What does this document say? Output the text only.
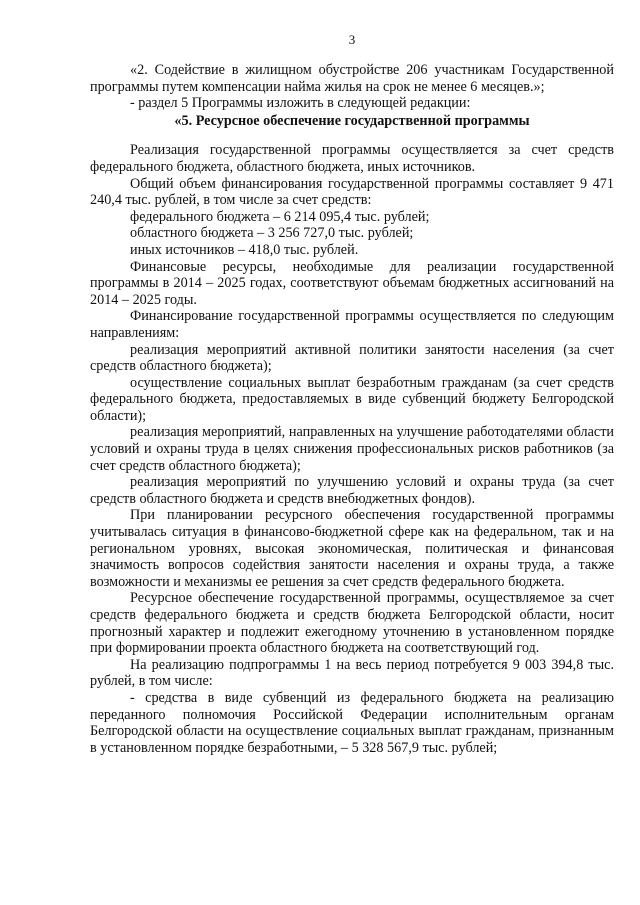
3

«2. Содействие в жилищном обустройстве 206 участникам Государственной программы путем компенсации найма жилья на срок не менее 6 месяцев.»;

- раздел 5 Программы изложить в следующей редакции:

«5. Ресурсное обеспечение государственной программы

Реализация государственной программы осуществляется за счет средств федерального бюджета, областного бюджета, иных источников.

Общий объем финансирования государственной программы составляет 9 471 240,4 тыс. рублей, в том числе за счет средств:

федерального бюджета – 6 214 095,4 тыс. рублей;

областного бюджета – 3 256 727,0 тыс. рублей;

иных источников – 418,0 тыс. рублей.

Финансовые ресурсы, необходимые для реализации государственной программы в 2014 – 2025 годах, соответствуют объемам бюджетных ассигнований на 2014 – 2025 годы.

Финансирование государственной программы осуществляется по следующим направлениям:

реализация мероприятий активной политики занятости населения (за счет средств областного бюджета);

осуществление социальных выплат безработным гражданам (за счет средств федерального бюджета, предоставляемых в виде субвенций бюджету Белгородской области);

реализация мероприятий, направленных на улучшение работодателями области условий и охраны труда в целях снижения профессиональных рисков работников (за счет средств областного бюджета);

реализация мероприятий по улучшению условий и охраны труда (за счет средств областного бюджета и средств внебюджетных фондов).

При планировании ресурсного обеспечения государственной программы учитывалась ситуация в финансово-бюджетной сфере как на федеральном, так и на региональном уровнях, высокая экономическая, политическая и финансовая значимость вопросов содействия занятости населения и охраны труда, а также возможности и механизмы ее решения за счет средств федерального бюджета.

Ресурсное обеспечение государственной программы, осуществляемое за счет средств федерального бюджета и средств бюджета Белгородской области, носит прогнозный характер и подлежит ежегодному уточнению в установленном порядке при формировании проекта областного бюджета на соответствующий год.

На реализацию подпрограммы 1 на весь период потребуется 9 003 394,8 тыс. рублей, в том числе:

- средства в виде субвенций из федерального бюджета на реализацию переданного полномочия Российской Федерации исполнительным органам Белгородской области на осуществление социальных выплат гражданам, признанным в установленном порядке безработными, – 5 328 567,9 тыс. рублей;
